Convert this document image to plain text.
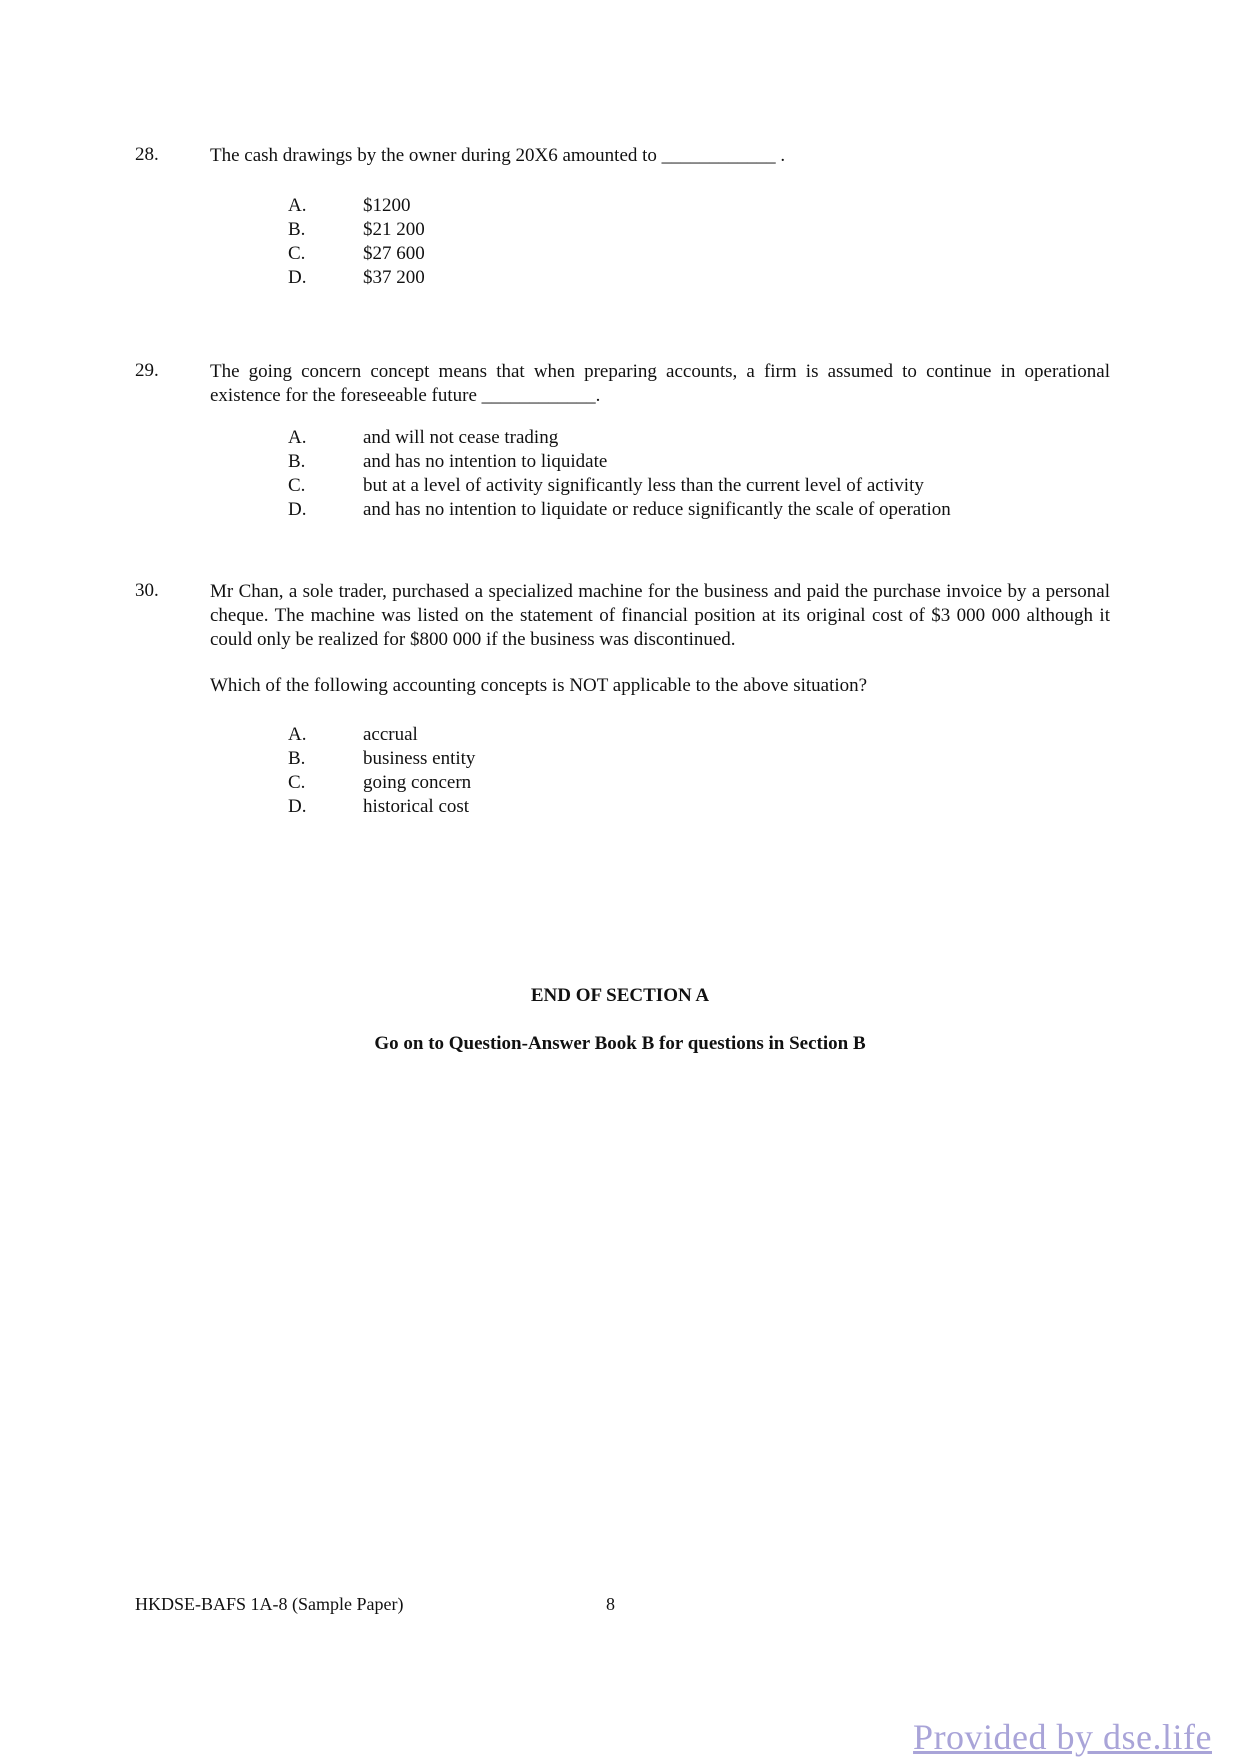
28.	The cash drawings by the owner during 20X6 amounted to ____________ .
A.	$1200
B.	$21 200
C.	$27 600
D.	$37 200
29.	The going concern concept means that when preparing accounts, a firm is assumed to continue in operational existence for the foreseeable future ____________.
A.	and will not cease trading
B.	and has no intention to liquidate
C.	but at a level of activity significantly less than the current level of activity
D.	and has no intention to liquidate or reduce significantly the scale of operation
30.	Mr Chan, a sole trader, purchased a specialized machine for the business and paid the purchase invoice by a personal cheque. The machine was listed on the statement of financial position at its original cost of $3 000 000 although it could only be realized for $800 000 if the business was discontinued.
Which of the following accounting concepts is NOT applicable to the above situation?
A.	accrual
B.	business entity
C.	going concern
D.	historical cost
END OF SECTION A
Go on to Question-Answer Book B for questions in Section B
HKDSE-BAFS 1A-8 (Sample Paper)	8
Provided by dse.life
